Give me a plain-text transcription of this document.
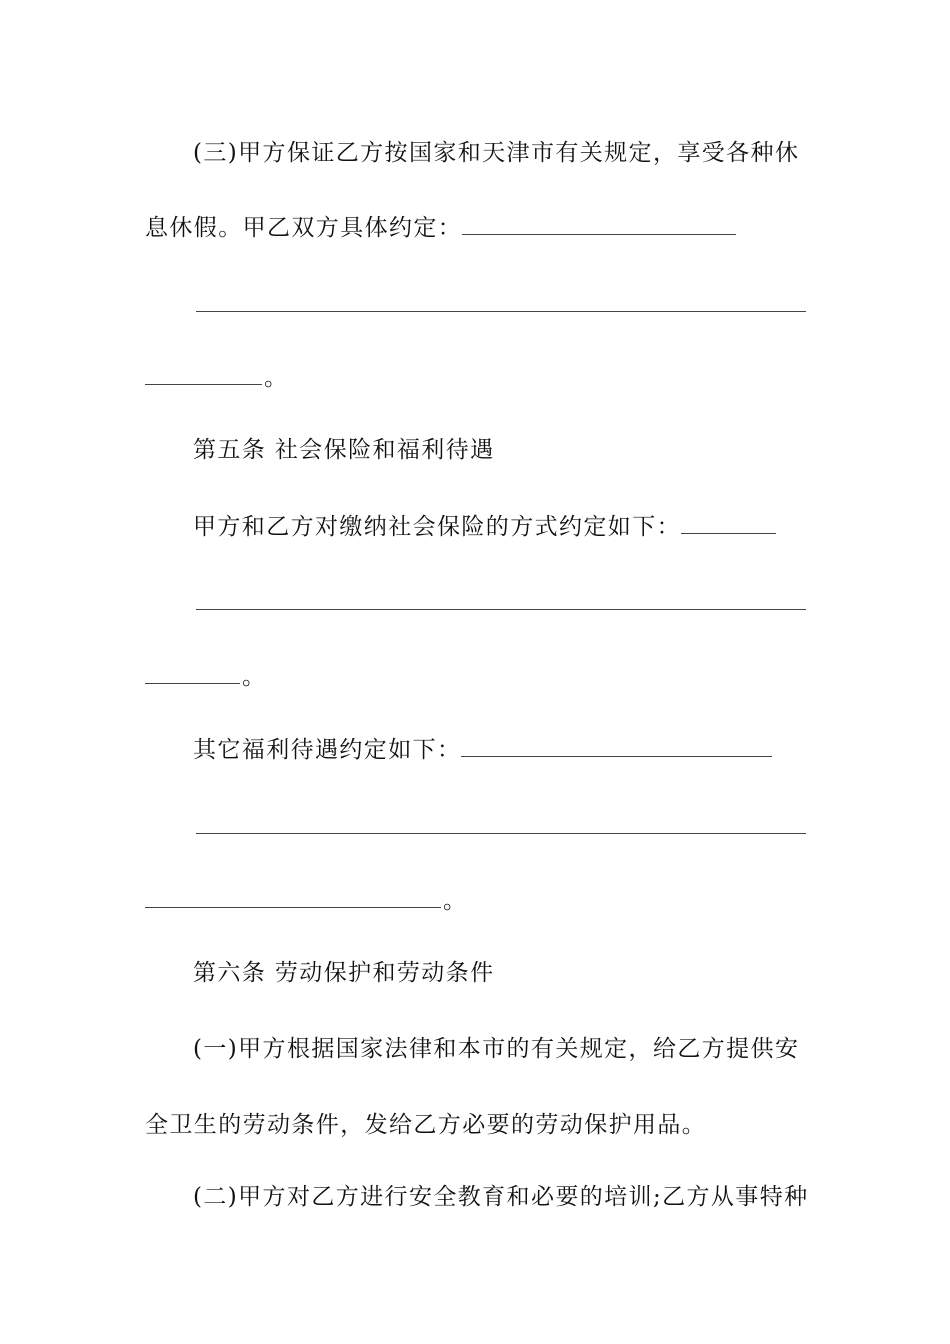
(三)甲方保证乙方按国家和天津市有关规定，享受各种休
息休假。甲乙双方具体约定：
。
第五条 社会保险和福利待遇
甲方和乙方对缴纳社会保险的方式约定如下：
。
其它福利待遇约定如下：
。
第六条 劳动保护和劳动条件
(一)甲方根据国家法律和本市的有关规定，给乙方提供安
全卫生的劳动条件，发给乙方必要的劳动保护用品。
(二)甲方对乙方进行安全教育和必要的培训;乙方从事特种
